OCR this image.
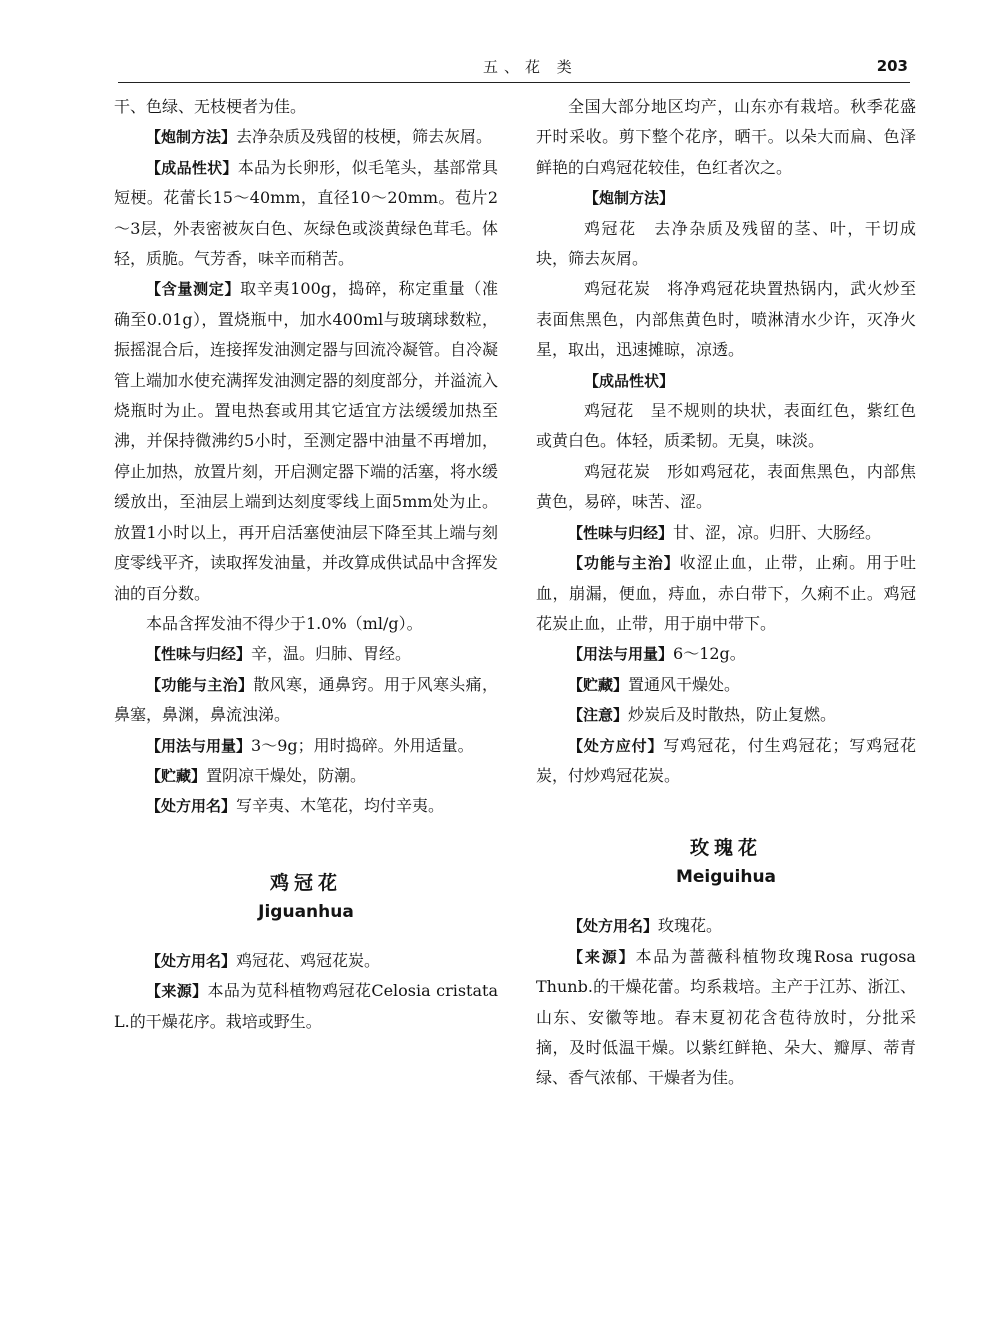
五、花 类	203

干、色绿、无枝梗者为佳。

【炮制方法】去净杂质及残留的枝梗，筛去灰屑。

【成品性状】本品为长卵形，似毛笔头，基部常具短梗。花蕾长15～40mm，直径10～20mm。苞片2～3层，外表密被灰白色、灰绿色或淡黄绿色茸毛。体轻，质脆。气芳香，味辛而稍苦。

【含量测定】取辛夷100g，捣碎，称定重量（准确至0.01g），置烧瓶中，加水400ml与玻璃球数粒，振摇混合后，连接挥发油测定器与回流冷凝管。自冷凝管上端加水使充满挥发油测定器的刻度部分，并溢流入烧瓶时为止。置电热套或用其它适宜方法缓缓加热至沸，并保持微沸约5小时，至测定器中油量不再增加，停止加热，放置片刻，开启测定器下端的活塞，将水缓缓放出，至油层上端到达刻度零线上面5mm处为止。放置1小时以上，再开启活塞使油层下降至其上端与刻度零线平齐，读取挥发油量，并改算成供试品中含挥发油的百分数。

本品含挥发油不得少于1.0%（ml/g）。

【性味与归经】辛，温。归肺、胃经。

【功能与主治】散风寒，通鼻窍。用于风寒头痛，鼻塞，鼻渊，鼻流浊涕。

【用法与用量】3～9g；用时捣碎。外用适量。

【贮藏】置阴凉干燥处，防潮。

【处方用名】写辛夷、木笔花，均付辛夷。

鸡冠花
Jiguanhua

【处方用名】鸡冠花、鸡冠花炭。

【来源】本品为苋科植物鸡冠花Celosia cristata L.的干燥花序。栽培或野生。

全国大部分地区均产，山东亦有栽培。秋季花盛开时采收。剪下整个花序，晒干。以朵大而扁、色泽鲜艳的白鸡冠花较佳，色红者次之。

【炮制方法】

鸡冠花　去净杂质及残留的茎、叶，干切成块，筛去灰屑。

鸡冠花炭　将净鸡冠花块置热锅内，武火炒至表面焦黑色，内部焦黄色时，喷淋清水少许，灭净火星，取出，迅速摊晾，凉透。

【成品性状】

鸡冠花　呈不规则的块状，表面红色，紫红色或黄白色。体轻，质柔韧。无臭，味淡。

鸡冠花炭　形如鸡冠花，表面焦黑色，内部焦黄色，易碎，味苦、涩。

【性味与归经】甘、涩，凉。归肝、大肠经。

【功能与主治】收涩止血，止带，止痢。用于吐血，崩漏，便血，痔血，赤白带下，久痢不止。鸡冠花炭止血，止带，用于崩中带下。

【用法与用量】6～12g。

【贮藏】置通风干燥处。

【注意】炒炭后及时散热，防止复燃。

【处方应付】写鸡冠花，付生鸡冠花；写鸡冠花炭，付炒鸡冠花炭。

玫瑰花
Meiguihua

【处方用名】玫瑰花。

【来源】本品为蔷薇科植物玫瑰Rosa rugosa Thunb.的干燥花蕾。均系栽培。主产于江苏、浙江、山东、安徽等地。春末夏初花含苞待放时，分批采摘，及时低温干燥。以紫红鲜艳、朵大、瓣厚、蒂青绿、香气浓郁、干燥者为佳。
